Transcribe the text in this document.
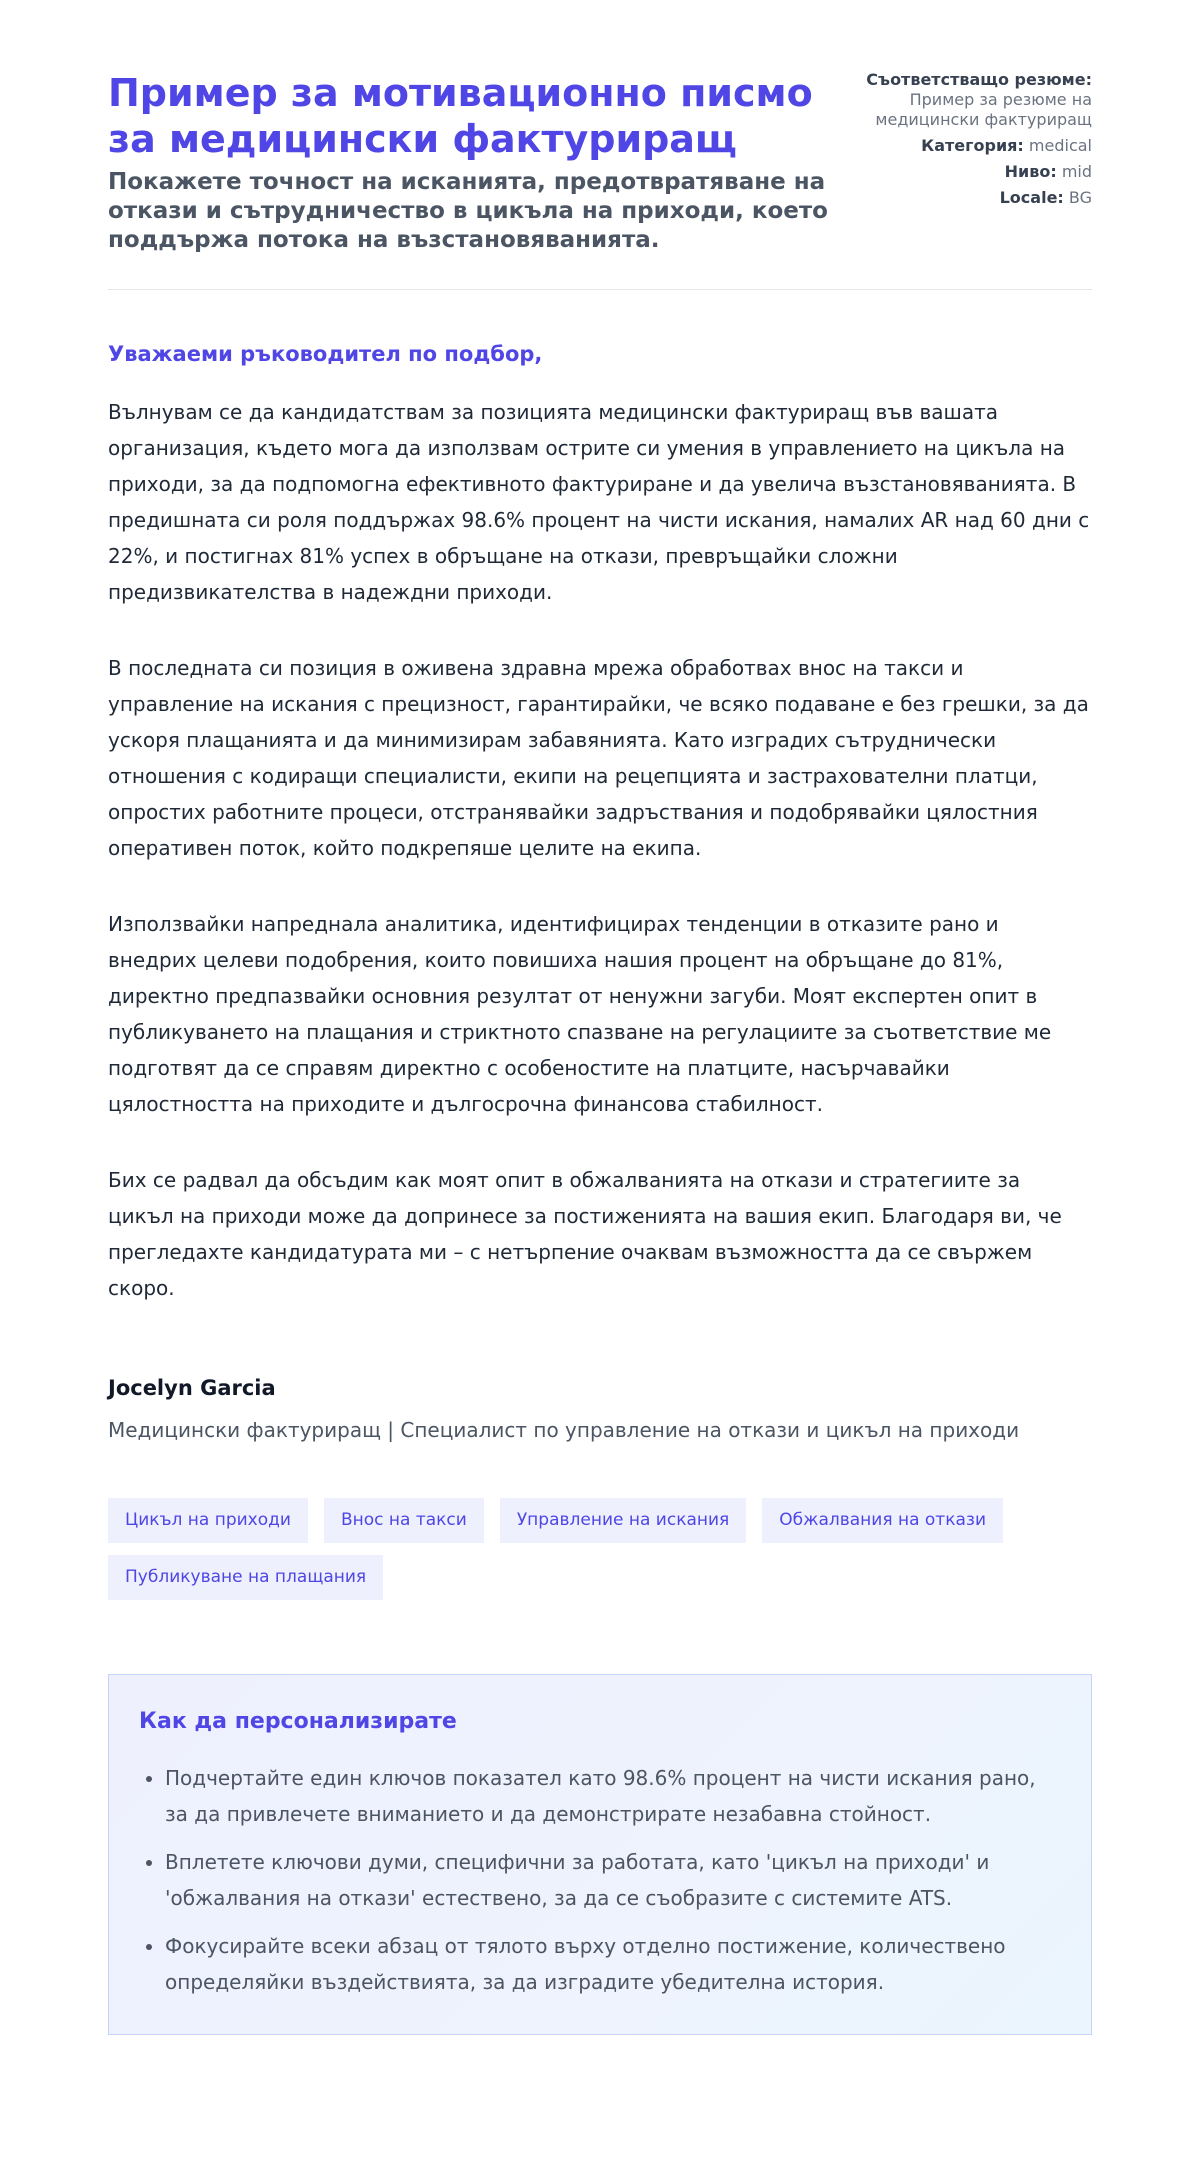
Пример за мотивационно писмо за медицински фактуриращ
Покажете точност на исканията, предотвратяване на откази и сътрудничество в цикъла на приходи, което поддържа потока на възстановяванията.
Съответстващо резюме: Пример за резюме на медицински фактуриращ
Категория: medical
Ниво: mid
Locale: BG

Уважаеми ръководител по подбор,

Вълнувам се да кандидатствам за позицията медицински фактуриращ във вашата организация, където мога да използвам острите си умения в управлението на цикъла на приходи, за да подпомогна ефективното фактуриране и да увелича възстановяванията. В предишната си роля поддържах 98.6% процент на чисти искания, намалих AR над 60 дни с 22%, и постигнах 81% успех в обръщане на откази, превръщайки сложни предизвикателства в надеждни приходи.

В последната си позиция в оживена здравна мрежа обработвах внос на такси и управление на искания с прецизност, гарантирайки, че всяко подаване е без грешки, за да ускоря плащанията и да минимизирам забавянията. Като изградих сътруднически отношения с кодиращи специалисти, екипи на рецепцията и застрахователни платци, опростих работните процеси, отстранявайки задръствания и подобрявайки цялостния оперативен поток, който подкрепяше целите на екипа.

Използвайки напреднала аналитика, идентифицирах тенденции в отказите рано и внедрих целеви подобрения, които повишиха нашия процент на обръщане до 81%, директно предпазвайки основния резултат от ненужни загуби. Моят експертен опит в публикуването на плащания и стриктното спазване на регулациите за съответствие ме подготвят да се справям директно с особеностите на платците, насърчавайки цялостността на приходите и дългосрочна финансова стабилност.

Бих се радвал да обсъдим как моят опит в обжалванията на откази и стратегиите за цикъл на приходи може да допринесе за постиженията на вашия екип. Благодаря ви, че прегледахте кандидатурата ми – с нетърпение очаквам възможността да се свържем скоро.

Jocelyn Garcia

Медицински фактуриращ | Специалист по управление на откази и цикъл на приходи

Цикъл на приходи	Внос на такси	Управление на искания	Обжалвания на откази
Публикуване на плащания
Как да персонализирате
• Подчертайте един ключов показател като 98.6% процент на чисти искания рано, за да привлечете вниманието и да демонстрирате незабавна стойност.
• Вплетете ключови думи, специфични за работата, като 'цикъл на приходи' и 'обжалвания на откази' естествено, за да се съобразите с системите ATS.
• Фокусирайте всеки абзац от тялото върху отделно постижение, количествено определяйки въздействията, за да изградите убедителна история.
